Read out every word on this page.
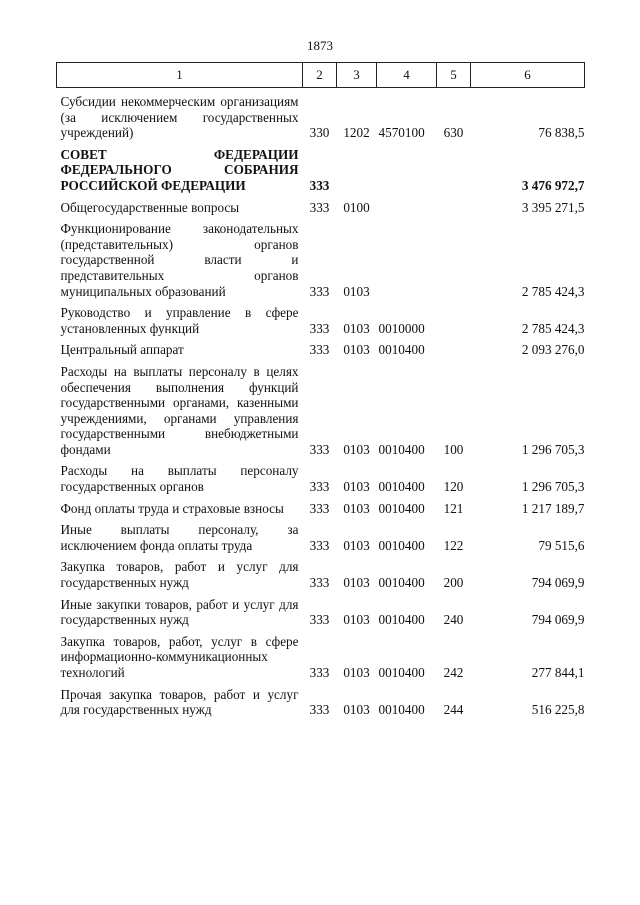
1873
1	2	3	4	5	6
Субсидии некоммерческим организациям (за исключением государственных учреждений)	330	1202	4570100	630	76 838,5
СОВЕТ ФЕДЕРАЦИИ ФЕДЕРАЛЬНОГО СОБРАНИЯ РОССИЙСКОЙ ФЕДЕРАЦИИ	333				3 476 972,7
Общегосударственные вопросы	333	0100			3 395 271,5
Функционирование законодательных (представительных) органов государственной власти и представительных органов муниципальных образований	333	0103			2 785 424,3
Руководство и управление в сфере установленных функций	333	0103	0010000		2 785 424,3
Центральный аппарат	333	0103	0010400		2 093 276,0
Расходы на выплаты персоналу в целях обеспечения выполнения функций государственными органами, казенными учреждениями, органами управления государственными внебюджетными фондами	333	0103	0010400	100	1 296 705,3
Расходы на выплаты персоналу государственных органов	333	0103	0010400	120	1 296 705,3
Фонд оплаты труда и страховые взносы	333	0103	0010400	121	1 217 189,7
Иные выплаты персоналу, за исключением фонда оплаты труда	333	0103	0010400	122	79 515,6
Закупка товаров, работ и услуг для государственных нужд	333	0103	0010400	200	794 069,9
Иные закупки товаров, работ и услуг для государственных нужд	333	0103	0010400	240	794 069,9
Закупка товаров, работ, услуг в сфере информационно-коммуникационных технологий	333	0103	0010400	242	277 844,1
Прочая закупка товаров, работ и услуг для государственных нужд	333	0103	0010400	244	516 225,8
